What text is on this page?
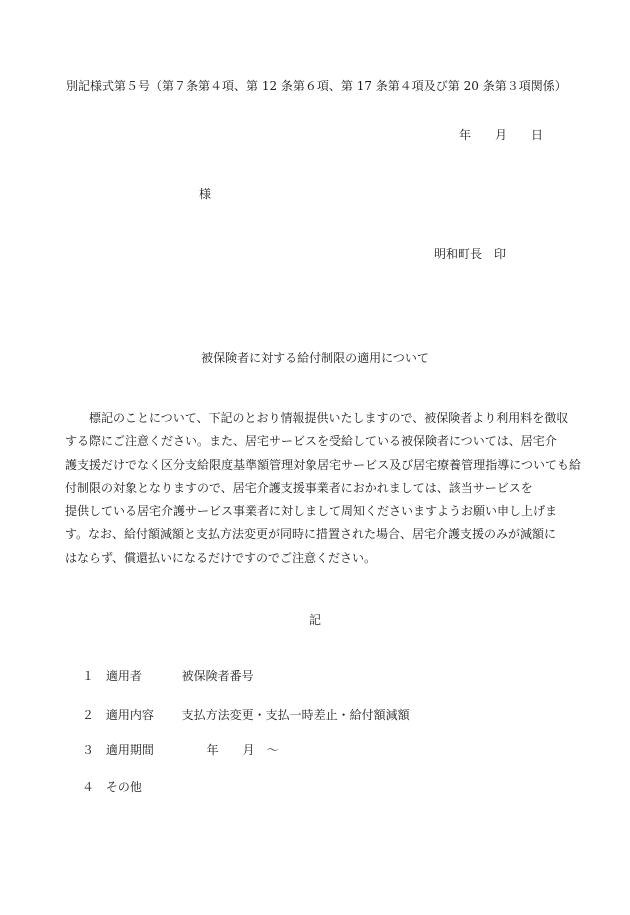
別記様式第５号（第７条第４項、第 12 条第６項、第 17 条第４項及び第 20 条第３項関係）
年 月 日
様
明和町長　印
被保険者に対する給付制限の適用について
標記のことについて、下記のとおり情報提供いたしますので、被保険者より利用料を徴収
する際にご注意ください。また、居宅サービスを受給している被保険者については、居宅介
護支援だけでなく区分支給限度基準額管理対象居宅サービス及び居宅療養管理指導についても給付制限の対象となりますので、居宅介護支援事業者におかれましては、該当サービスを
提供している居宅介護サービス事業者に対しまして周知くださいますようお願い申し上げま
す。なお、給付額減額と支払方法変更が同時に措置された場合、居宅介護支援のみが減額に
はならず、償還払いになるだけですのでご注意ください。
記
１ 適用者	被保険者番号
２ 適用内容 支払方法変更・支払一時差止・給付額減額
３ 適用期間	年　　月　～
４ その他
